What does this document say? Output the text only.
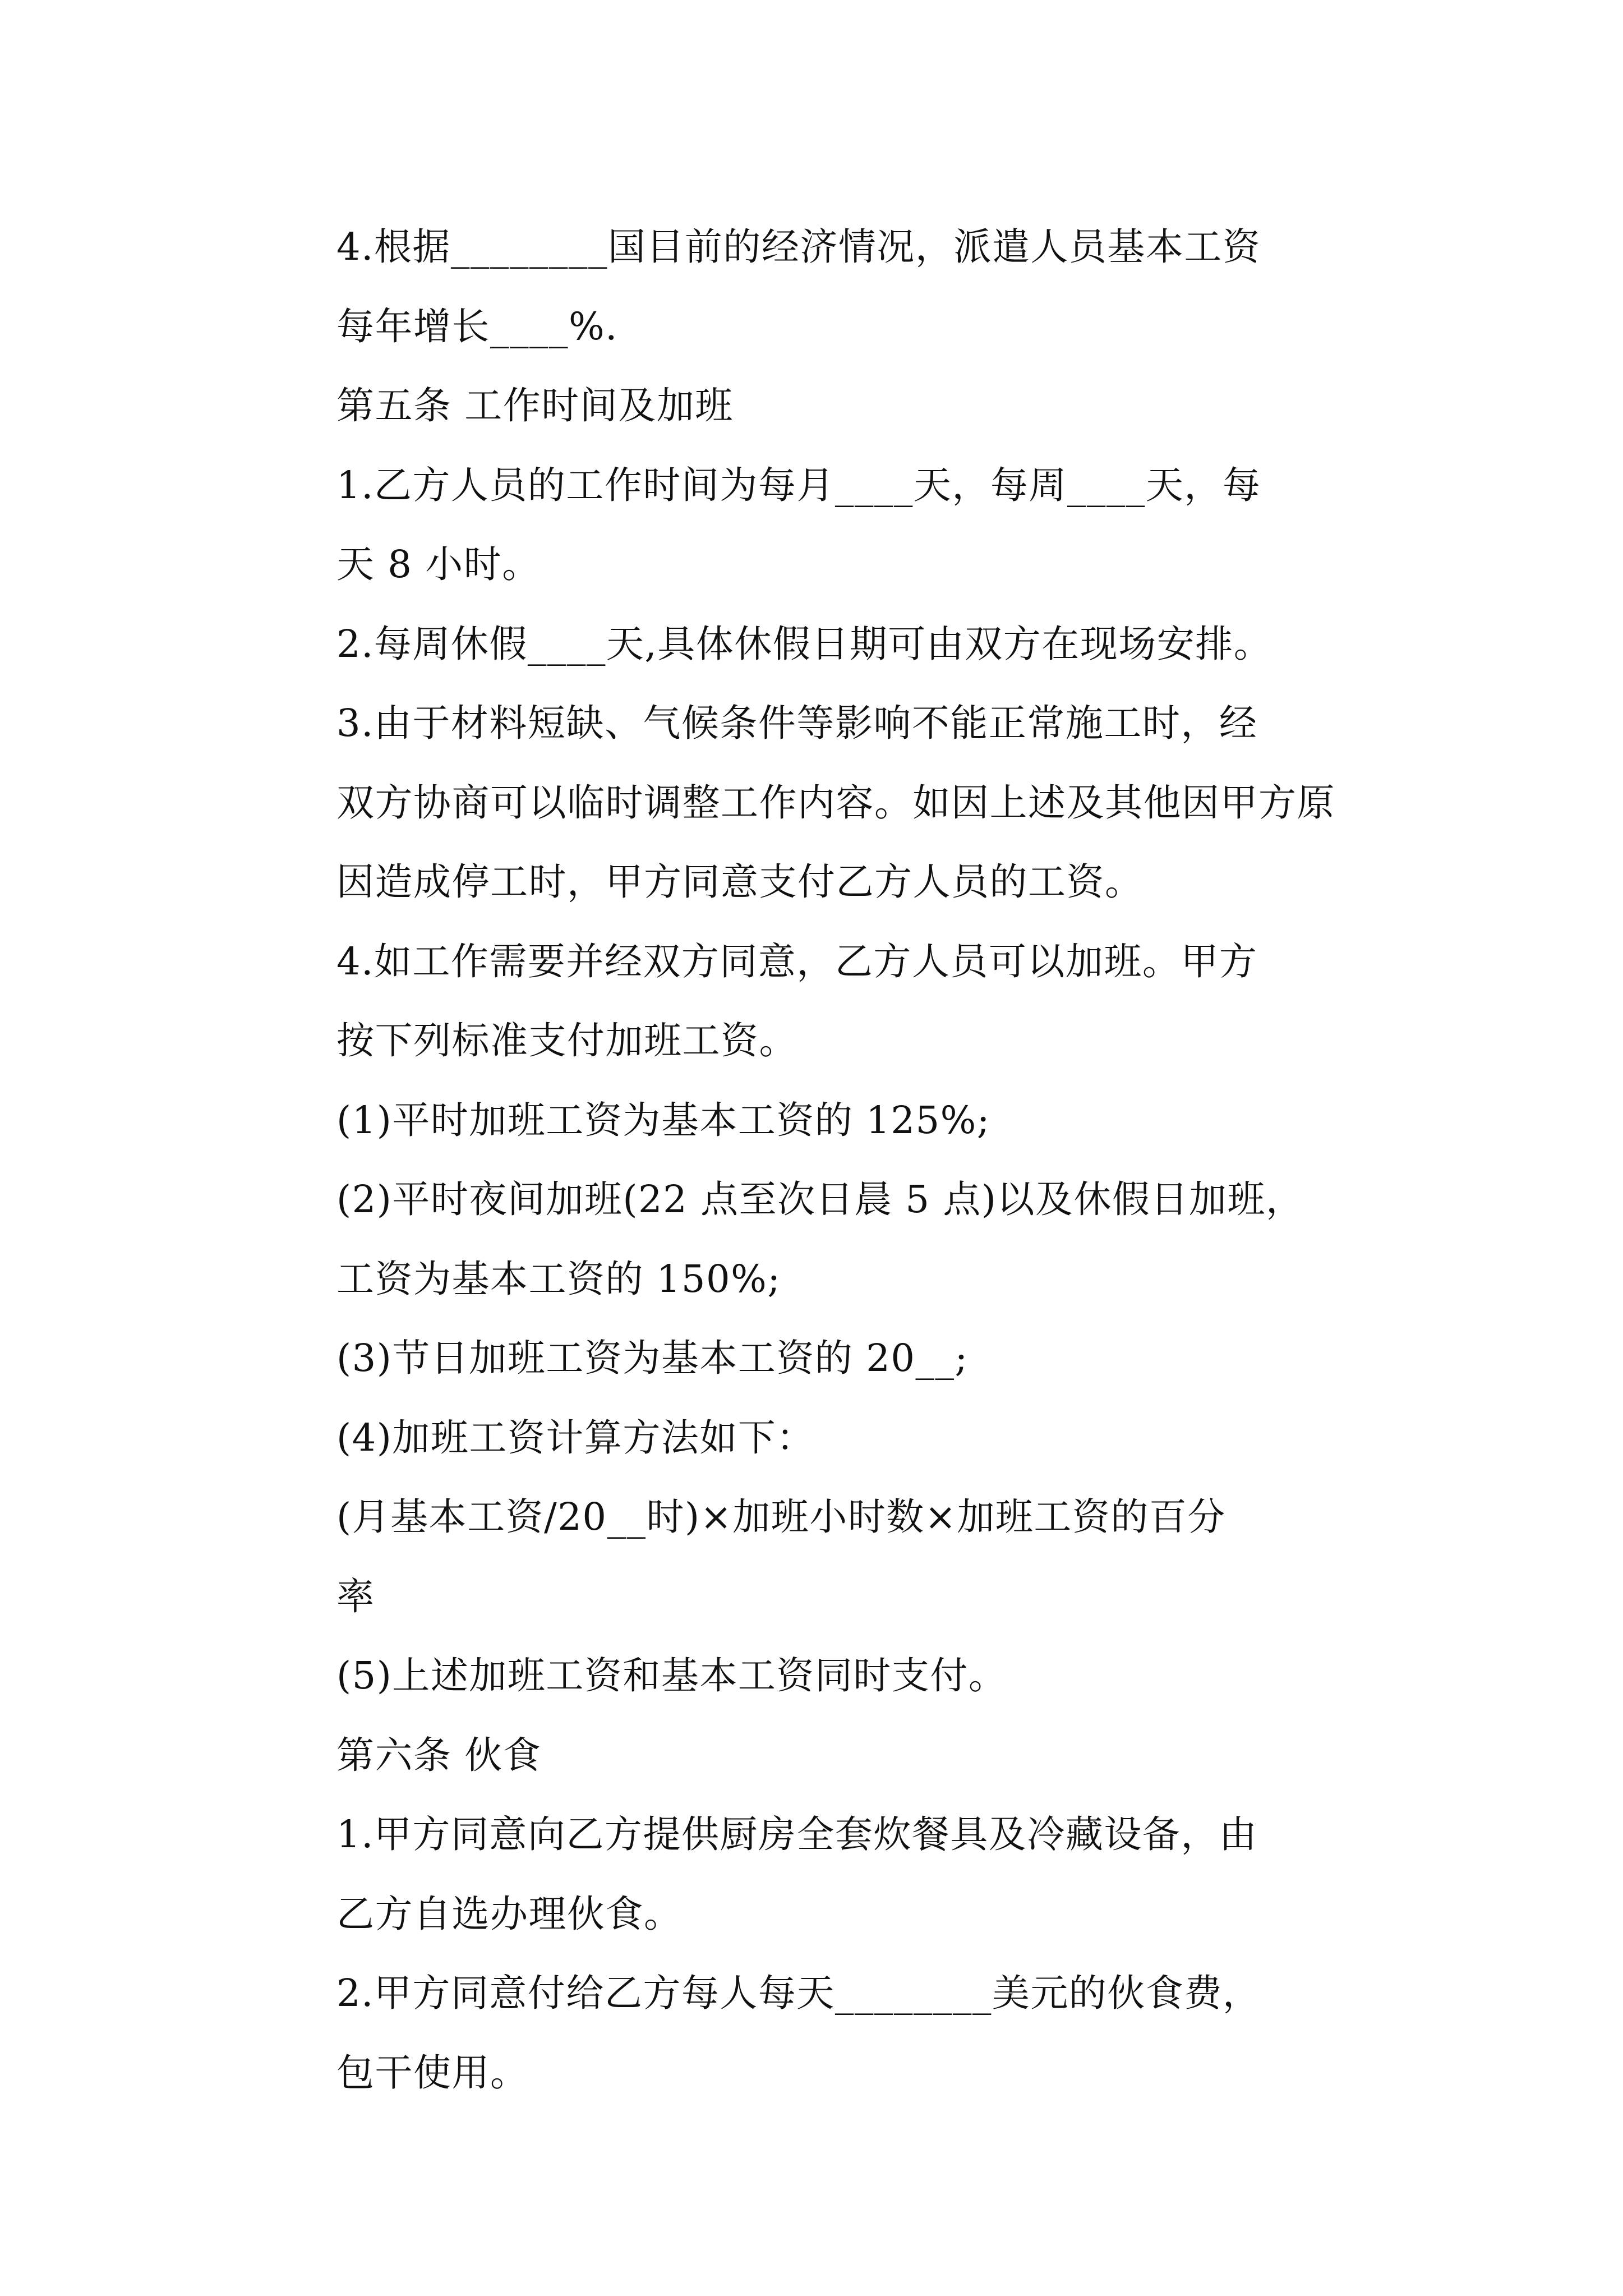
4.根据________国目前的经济情况，派遣人员基本工资
每年增长____%.

第五条 工作时间及加班

1.乙方人员的工作时间为每月____天，每周____天，每
天 8 小时。

2.每周休假____天,具体休假日期可由双方在现场安排。

3.由于材料短缺、气候条件等影响不能正常施工时，经
双方协商可以临时调整工作内容。如因上述及其他因甲方原
因造成停工时，甲方同意支付乙方人员的工资。

4.如工作需要并经双方同意，乙方人员可以加班。甲方
按下列标准支付加班工资。

(1)平时加班工资为基本工资的 125%;

(2)平时夜间加班(22 点至次日晨 5 点)以及休假日加班，
工资为基本工资的 150%;

(3)节日加班工资为基本工资的 20__;

(4)加班工资计算方法如下：

(月基本工资/20__时)×加班小时数×加班工资的百分
率

(5)上述加班工资和基本工资同时支付。

第六条 伙食

1.甲方同意向乙方提供厨房全套炊餐具及冷藏设备，由
乙方自选办理伙食。

2.甲方同意付给乙方每人每天________美元的伙食费，
包干使用。
